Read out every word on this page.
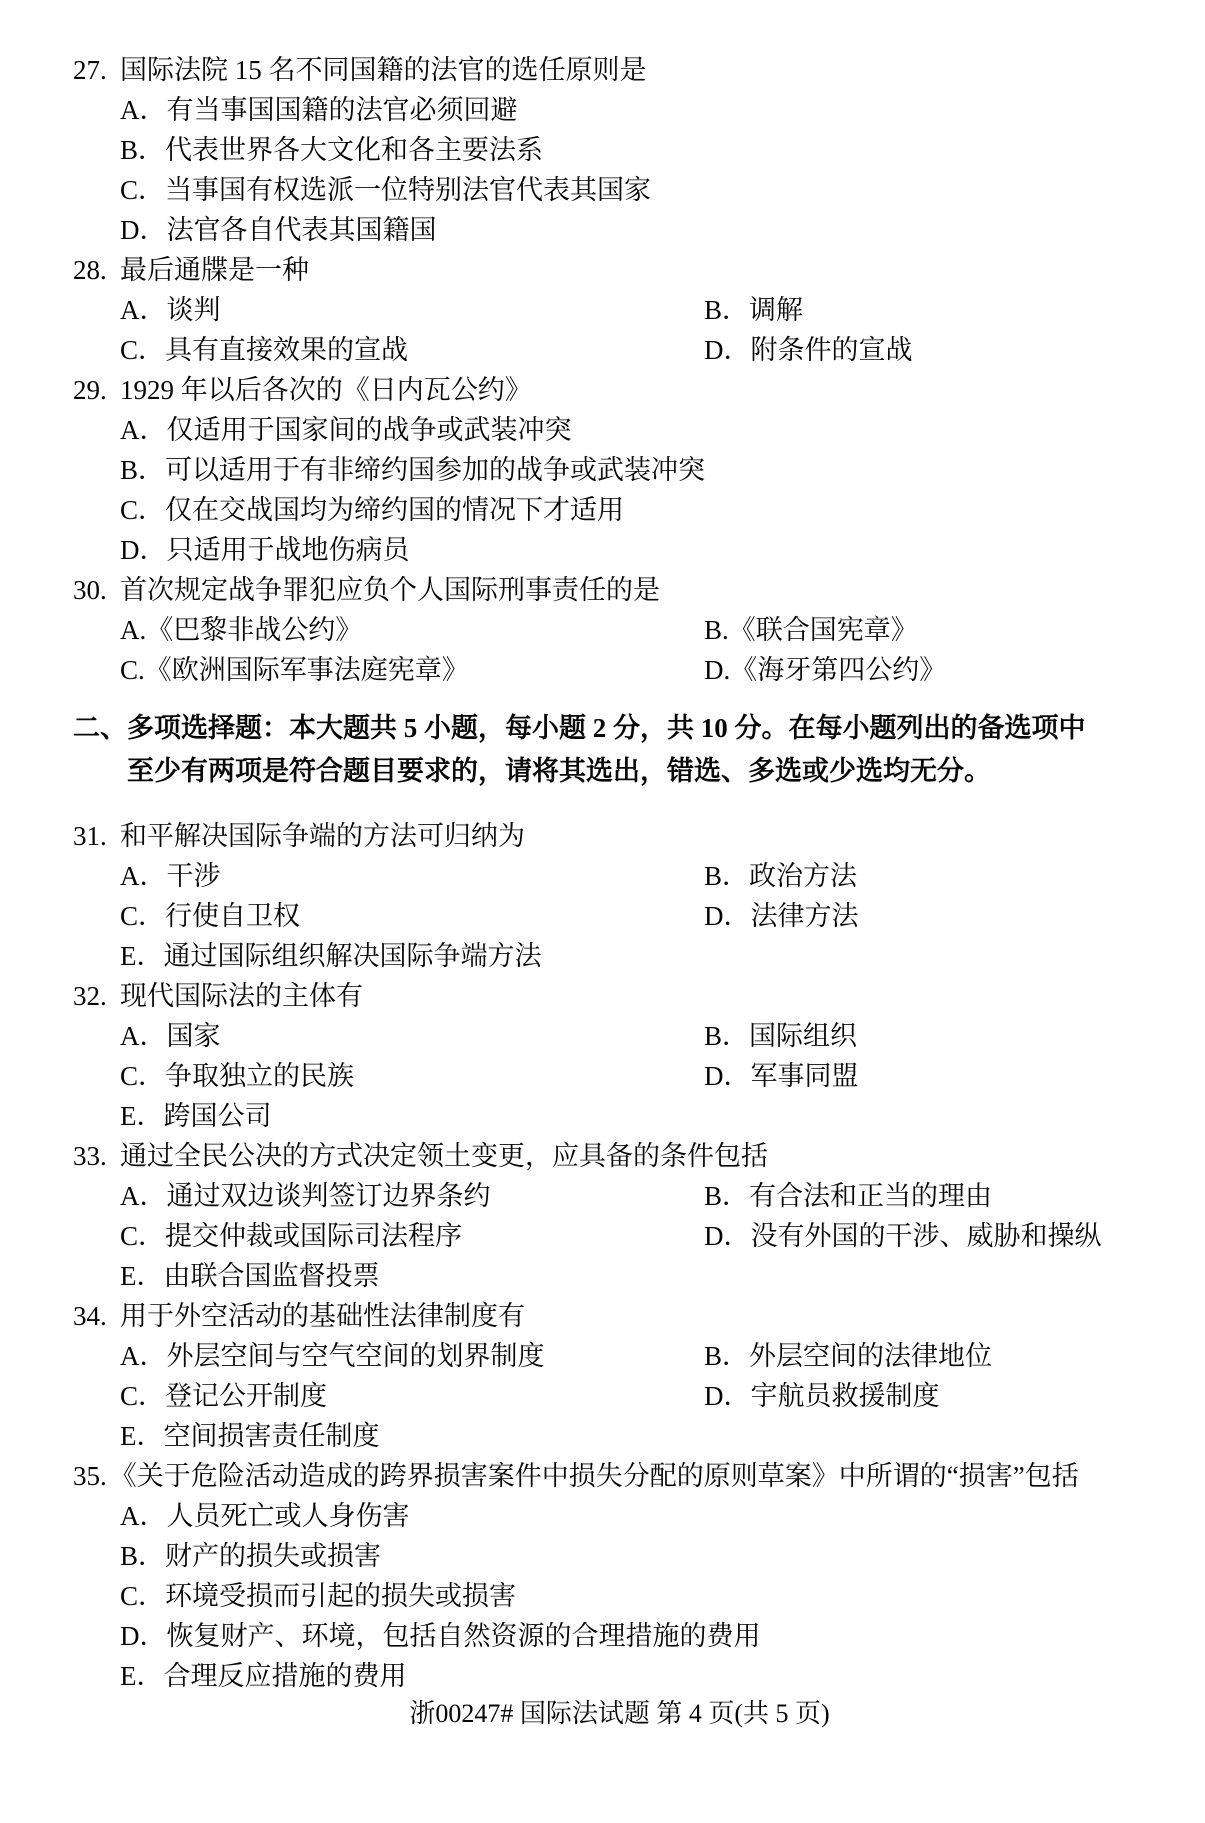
27. 国际法院 15 名不同国籍的法官的选任原则是
A．有当事国国籍的法官必须回避
B．代表世界各大文化和各主要法系
C．当事国有权选派一位特别法官代表其国家
D．法官各自代表其国籍国
28. 最后通牒是一种
A．谈判	B．调解
C．具有直接效果的宣战	D．附条件的宣战
29. 1929 年以后各次的《日内瓦公约》
A．仅适用于国家间的战争或武装冲突
B．可以适用于有非缔约国参加的战争或武装冲突
C．仅在交战国均为缔约国的情况下才适用
D．只适用于战地伤病员
30. 首次规定战争罪犯应负个人国际刑事责任的是
A.《巴黎非战公约》	B.《联合国宪章》
C.《欧洲国际军事法庭宪章》	D.《海牙第四公约》
二、 多项选择题：本大题共 5 小题，每小题 2 分，共 10 分。在每小题列出的备选项中
至少有两项是符合题目要求的，请将其选出，错选、多选或少选均无分。
31. 和平解决国际争端的方法可归纳为
A．干涉	B．政治方法
C．行使自卫权	D．法律方法
E．通过国际组织解决国际争端方法
32. 现代国际法的主体有
A．国家	B．国际组织
C．争取独立的民族	D．军事同盟
E．跨国公司
33. 通过全民公决的方式决定领土变更，应具备的条件包括
A．通过双边谈判签订边界条约	B．有合法和正当的理由
C．提交仲裁或国际司法程序	D．没有外国的干涉、威胁和操纵
E．由联合国监督投票
34. 用于外空活动的基础性法律制度有
A．外层空间与空气空间的划界制度	B．外层空间的法律地位
C．登记公开制度	D．宇航员救援制度
E．空间损害责任制度
35. 《关于危险活动造成的跨界损害案件中损失分配的原则草案》中所谓的“损害”包括
A．人员死亡或人身伤害
B．财产的损失或损害
C．环境受损而引起的损失或损害
D．恢复财产、环境，包括自然资源的合理措施的费用
E．合理反应措施的费用
浙00247# 国际法试题 第 4 页(共 5 页)
